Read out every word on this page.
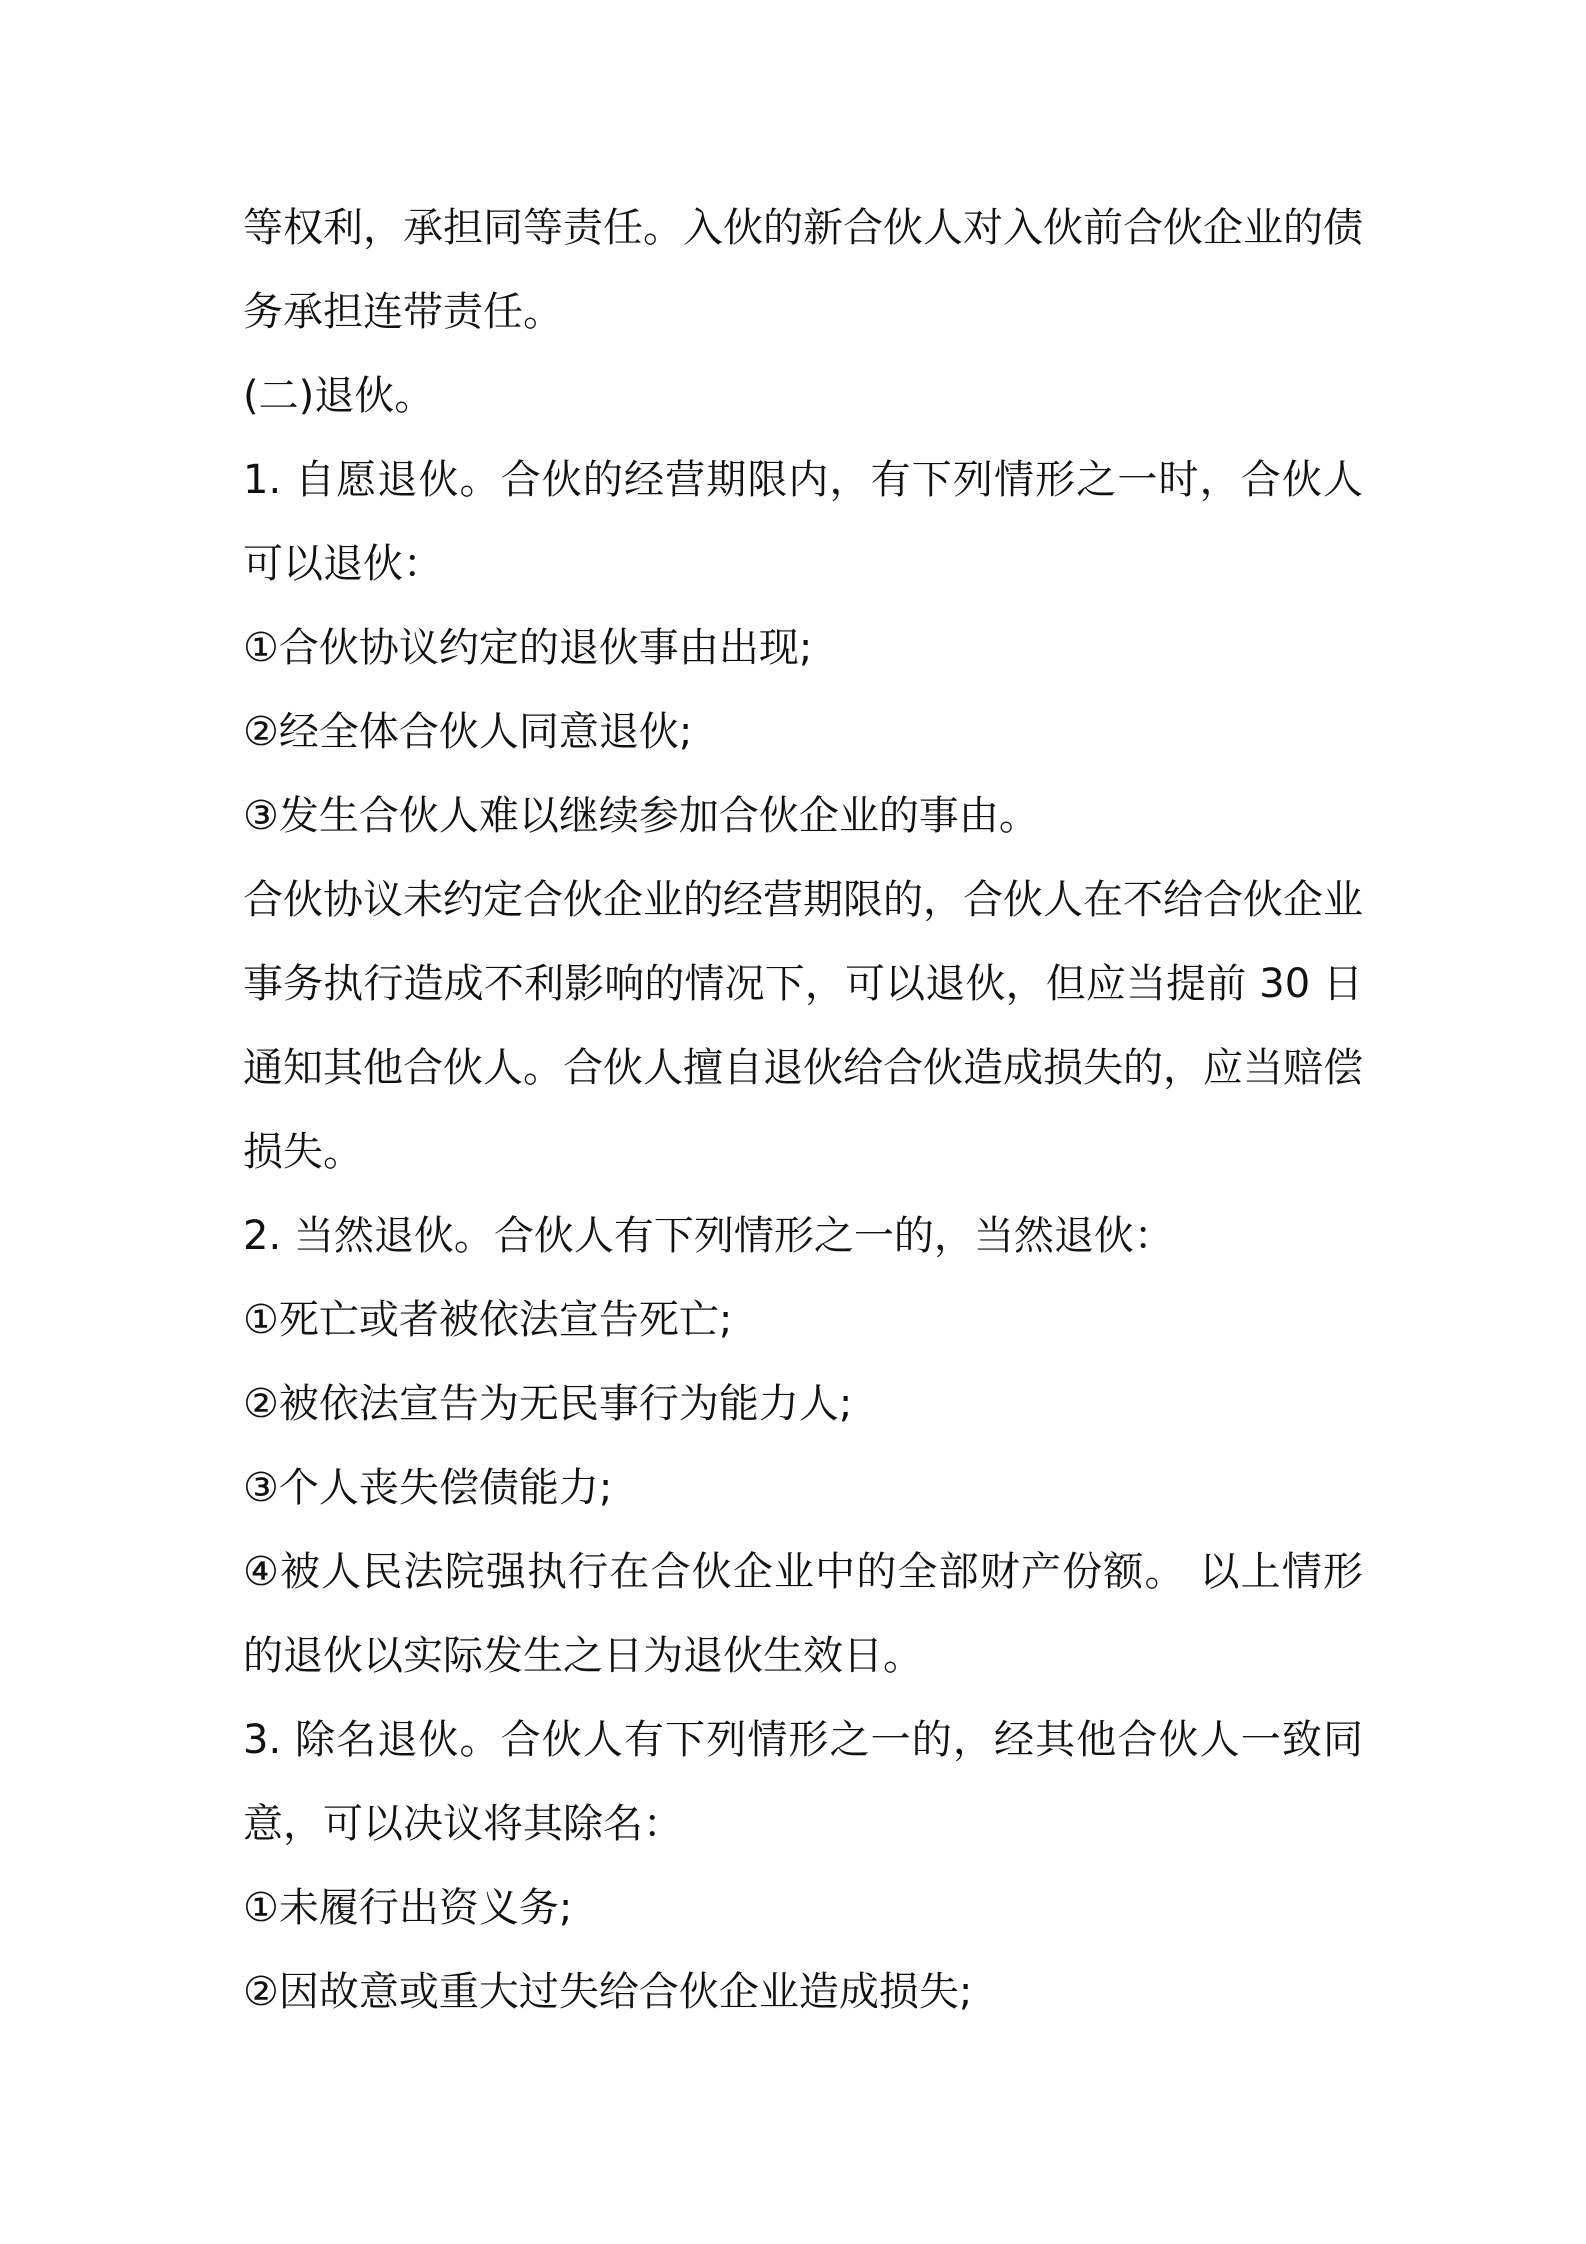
等权利，承担同等责任。入伙的新合伙人对入伙前合伙企业的债务承担连带责任。

(二)退伙。

1. 自愿退伙。合伙的经营期限内，有下列情形之一时，合伙人可以退伙：

①合伙协议约定的退伙事由出现;

②经全体合伙人同意退伙;

③发生合伙人难以继续参加合伙企业的事由。

合伙协议未约定合伙企业的经营期限的，合伙人在不给合伙企业事务执行造成不利影响的情况下，可以退伙，但应当提前 30 日通知其他合伙人。合伙人擅自退伙给合伙造成损失的，应当赔偿损失。

2. 当然退伙。合伙人有下列情形之一的，当然退伙：

①死亡或者被依法宣告死亡;

②被依法宣告为无民事行为能力人;

③个人丧失偿债能力;

④被人民法院强执行在合伙企业中的全部财产份额。 以上情形的退伙以实际发生之日为退伙生效日。

3. 除名退伙。合伙人有下列情形之一的，经其他合伙人一致同意，可以决议将其除名：

①未履行出资义务;

②因故意或重大过失给合伙企业造成损失;
